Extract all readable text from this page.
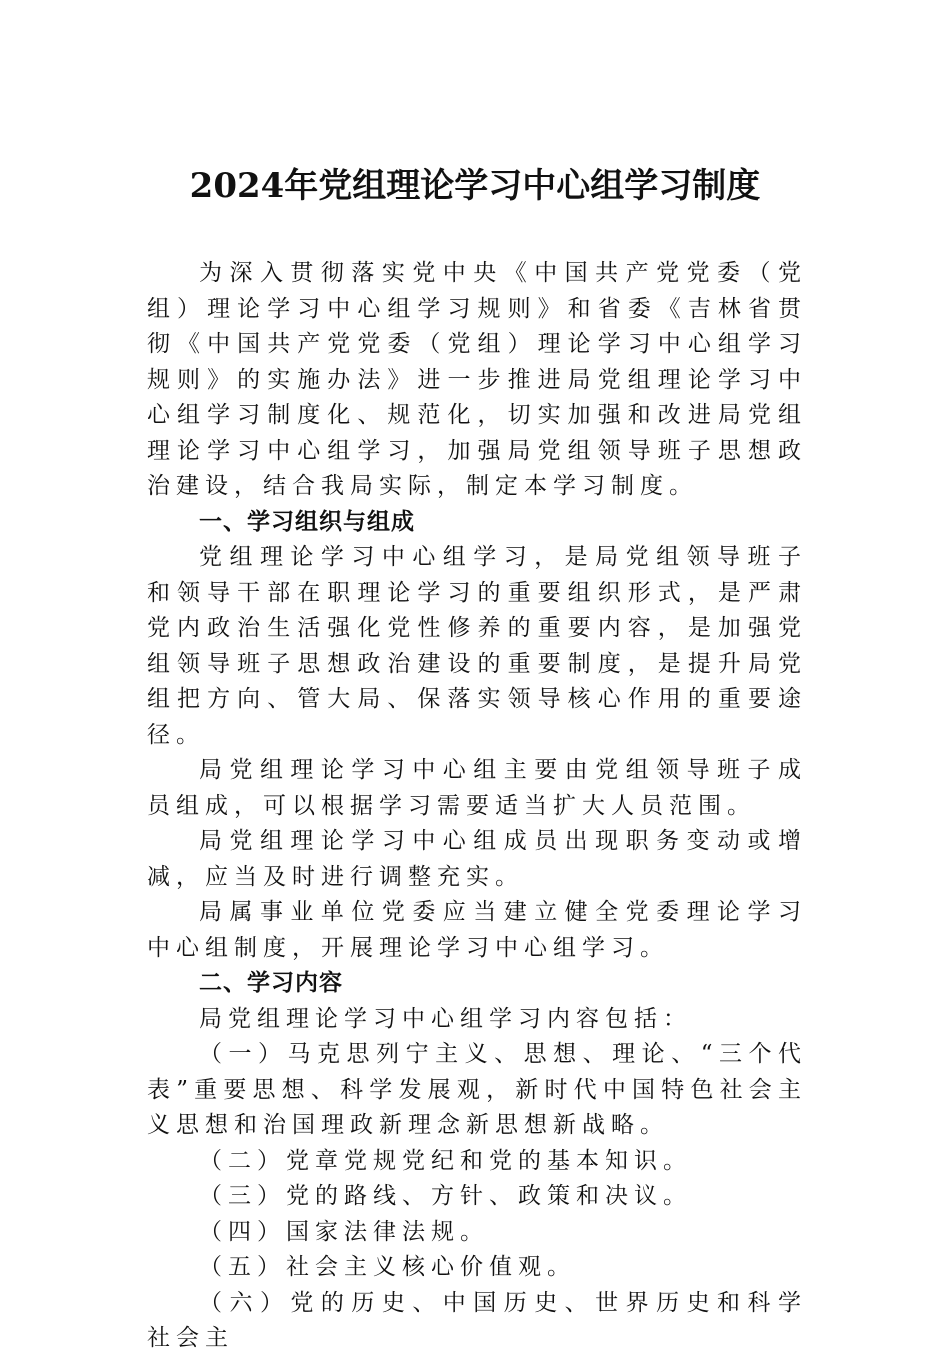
2024年党组理论学习中心组学习制度

为深入贯彻落实党中央《中国共产党党委（党组）理论学习中心组学习规则》和省委《吉林省贯彻《中国共产党党委（党组）理论学习中心组学习规则》的实施办法》进一步推进局党组理论学习中心组学习制度化、规范化，切实加强和改进局党组理论学习中心组学习，加强局党组领导班子思想政治建设，结合我局实际，制定本学习制度。

一、学习组织与组成

党组理论学习中心组学习，是局党组领导班子和领导干部在职理论学习的重要组织形式，是严肃党内政治生活强化党性修养的重要内容，是加强党组领导班子思想政治建设的重要制度，是提升局党组把方向、管大局、保落实领导核心作用的重要途径。

局党组理论学习中心组主要由党组领导班子成员组成，可以根据学习需要适当扩大人员范围。

局党组理论学习中心组成员出现职务变动或增减，应当及时进行调整充实。

局属事业单位党委应当建立健全党委理论学习中心组制度，开展理论学习中心组学习。

二、学习内容

局党组理论学习中心组学习内容包括：

（一）马克思列宁主义、思想、理论、“三个代表”重要思想、科学发展观，新时代中国特色社会主义思想和治国理政新理念新思想新战略。

（二）党章党规党纪和党的基本知识。

（三）党的路线、方针、政策和决议。

（四）国家法律法规。

（五）社会主义核心价值观。

（六）党的历史、中国历史、世界历史和科学社会主
